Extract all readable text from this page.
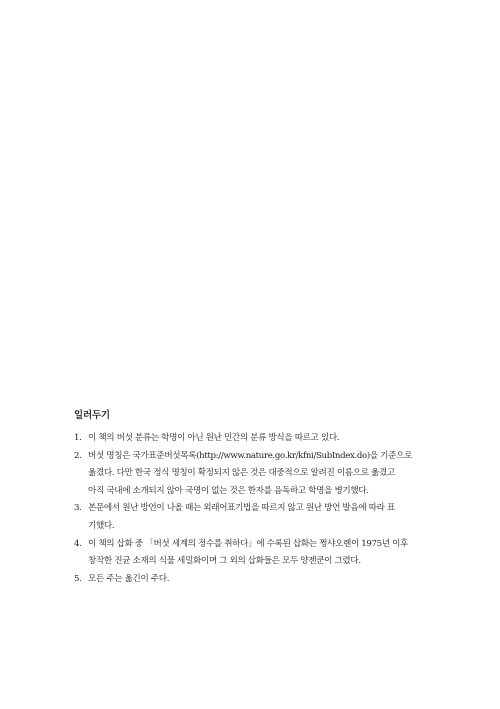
일러두기
1. 이 책의 버섯 분류는 학명이 아닌 원난 민간의 분류 방식을 따르고 있다.
2. 버섯 명칭은 국가표준버섯목록(http://www.nature.go.kr/kfni/SubIndex.do)을 기준으로
옮겼다. 다만 한국 정식 명칭이 확정되지 않은 것은 대중적으로 알려진 이름으로 옮겼고
아직 국내에 소개되지 않아 국명이 없는 것은 한자를 음독하고 학명을 병기했다.
3. 본문에서 원난 방언이 나올 때는 외래어표기법을 따르지 않고 원난 방언 발음에 따라 표
기했다.
4. 이 책의 삽화 중 「버섯 세계의 정수를 취하다」에 수록된 삽화는 쩡샤오롄이 1975년 이후
창작한 진균 소재의 식물 세밀화이며 그 외의 삽화들은 모두 양젠쿤이 그렸다.
5. 모든 주는 옮긴이 주다.
